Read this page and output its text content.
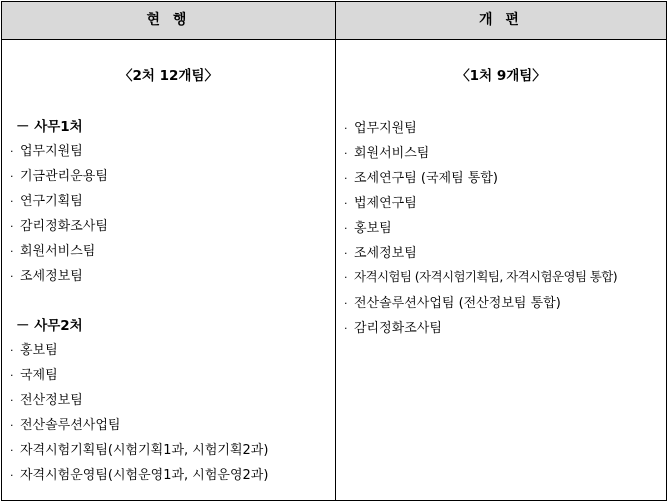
현 행	개 편
〈2처 12개팀〉
－ 사무1처
· 업무지원팀
· 기금관리운용팀
· 연구기획팀
· 감리정화조사팀
· 회원서비스팀
· 조세정보팀
－ 사무2처
· 홍보팀
· 국제팀
· 전산정보팀
· 전산솔루션사업팀
· 자격시험기획팀(시험기획1과, 시험기획2과)
· 자격시험운영팀(시험운영1과, 시험운영2과)
〈1처 9개팀〉
· 업무지원팀
· 회원서비스팀
· 조세연구팀 (국제팀 통합)
· 법제연구팀
· 홍보팀
· 조세정보팀
· 자격시험팀 (자격시험기획팀, 자격시험운영팀 통합)
· 전산솔루션사업팀 (전산정보팀 통합)
· 감리정화조사팀
